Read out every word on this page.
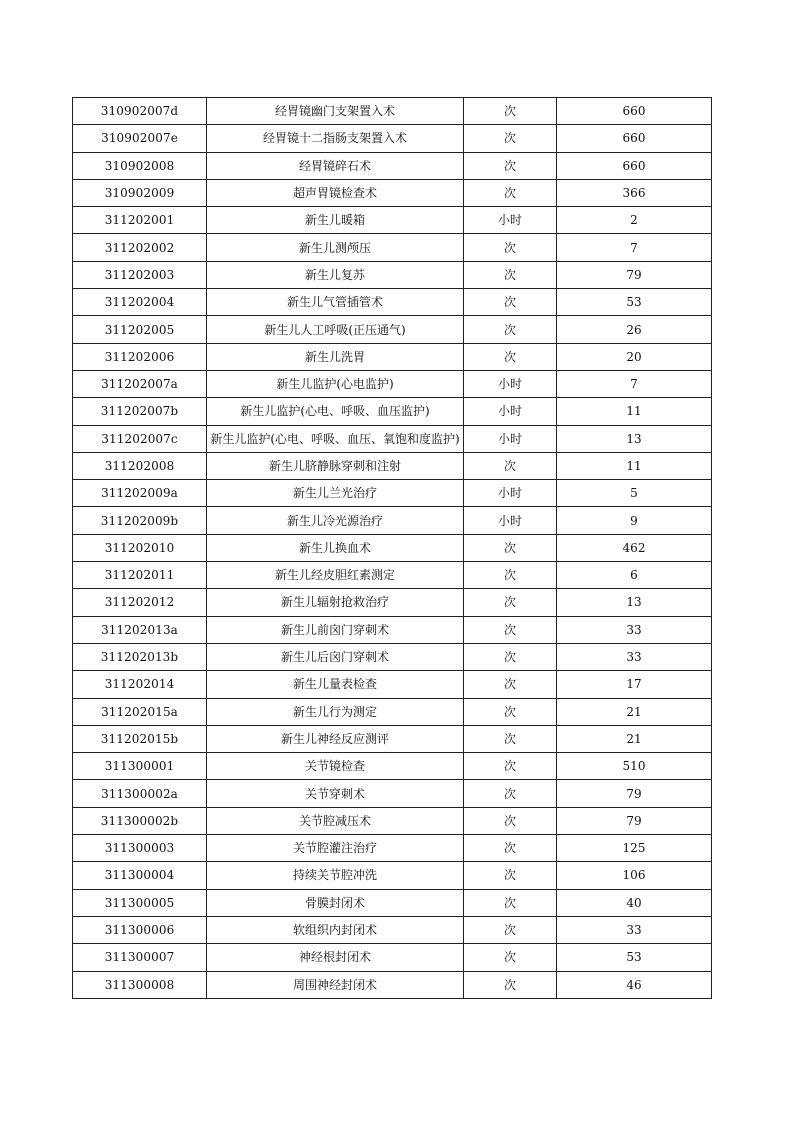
310902007d	经胃镜幽门支架置入术	次	660
310902007e	经胃镜十二指肠支架置入术	次	660
310902008	经胃镜碎石术	次	660
310902009	超声胃镜检查术	次	366
311202001	新生儿暖箱	小时	2
311202002	新生儿测颅压	次	7
311202003	新生儿复苏	次	79
311202004	新生儿气管插管术	次	53
311202005	新生儿人工呼吸(正压通气)	次	26
311202006	新生儿洗胃	次	20
311202007a	新生儿监护(心电监护)	小时	7
311202007b	新生儿监护(心电、呼吸、血压监护)	小时	11
311202007c	新生儿监护(心电、呼吸、血压、氧饱和度监护)	小时	13
311202008	新生儿脐静脉穿刺和注射	次	11
311202009a	新生儿兰光治疗	小时	5
311202009b	新生儿冷光源治疗	小时	9
311202010	新生儿换血术	次	462
311202011	新生儿经皮胆红素测定	次	6
311202012	新生儿辐射抢救治疗	次	13
311202013a	新生儿前囟门穿刺术	次	33
311202013b	新生儿后囟门穿刺术	次	33
311202014	新生儿量表检查	次	17
311202015a	新生儿行为测定	次	21
311202015b	新生儿神经反应测评	次	21
311300001	关节镜检查	次	510
311300002a	关节穿刺术	次	79
311300002b	关节腔减压术	次	79
311300003	关节腔灌注治疗	次	125
311300004	持续关节腔冲洗	次	106
311300005	骨膜封闭术	次	40
311300006	软组织内封闭术	次	33
311300007	神经根封闭术	次	53
311300008	周围神经封闭术	次	46
